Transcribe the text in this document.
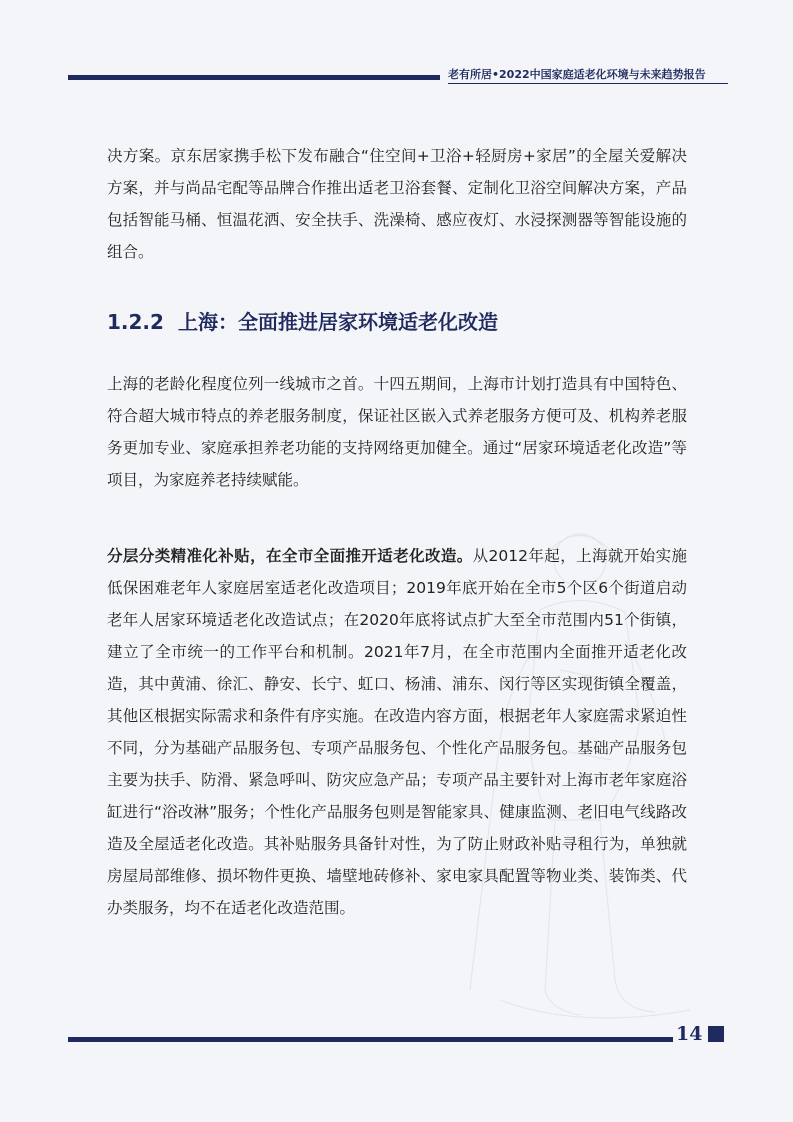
老有所居•2022中国家庭适老化环境与未来趋势报告
决方案。京东居家携手松下发布融合“住空间+卫浴+轻厨房+家居”的全屋关爱解决方案，并与尚品宅配等品牌合作推出适老卫浴套餐、定制化卫浴空间解决方案，产品包括智能马桶、恒温花洒、安全扶手、洗澡椅、感应夜灯、水浸探测器等智能设施的组合。
1.2.2 上海：全面推进居家环境适老化改造
上海的老龄化程度位列一线城市之首。十四五期间，上海市计划打造具有中国特色、符合超大城市特点的养老服务制度，保证社区嵌入式养老服务方便可及、机构养老服务更加专业、家庭承担养老功能的支持网络更加健全。通过“居家环境适老化改造”等项目，为家庭养老持续赋能。
分层分类精准化补贴，在全市全面推开适老化改造。从2012年起，上海就开始实施低保困难老年人家庭居室适老化改造项目；2019年底开始在全市5个区6个街道启动老年人居家环境适老化改造试点；在2020年底将试点扩大至全市范围内51个街镇，建立了全市统一的工作平台和机制。2021年7月，在全市范围内全面推开适老化改造，其中黄浦、徐汇、静安、长宁、虹口、杨浦、浦东、闵行等区实现街镇全覆盖，其他区根据实际需求和条件有序实施。在改造内容方面，根据老年人家庭需求紧迫性不同，分为基础产品服务包、专项产品服务包、个性化产品服务包。基础产品服务包主要为扶手、防滑、紧急呼叫、防灾应急产品；专项产品主要针对上海市老年家庭浴缸进行“浴改淋”服务；个性化产品服务包则是智能家具、健康监测、老旧电气线路改造及全屋适老化改造。其补贴服务具备针对性，为了防止财政补贴寻租行为，单独就房屋局部维修、损坏物件更换、墙壁地砖修补、家电家具配置等物业类、装饰类、代办类服务，均不在适老化改造范围。
14
